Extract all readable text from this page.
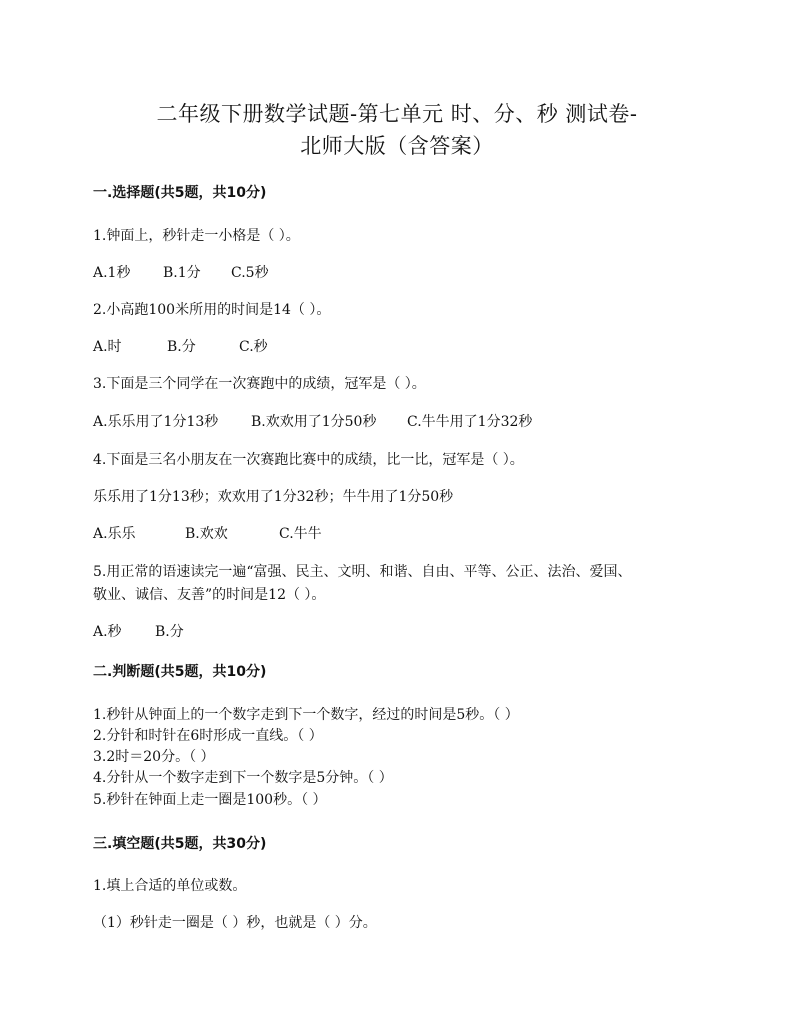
二年级下册数学试题-第七单元 时、分、秒 测试卷-
北师大版（含答案）
一.选择题(共5题，共10分)
1.钟面上，秒针走一小格是（ ）。
A.1秒 B.1分 C.5秒
2.小高跑100米所用的时间是14（ ）。
A.时	B.分	C.秒
3.下面是三个同学在一次赛跑中的成绩，冠军是（ ）。
A.乐乐用了1分13秒 B.欢欢用了1分50秒 C.牛牛用了1分32秒
4.下面是三名小朋友在一次赛跑比赛中的成绩，比一比，冠军是（ ）。
乐乐用了1分13秒；欢欢用了1分32秒；牛牛用了1分50秒
A.乐乐	B.欢欢	C.牛牛
5.用正常的语速读完一遍“富强、民主、文明、和谐、自由、平等、公正、法治、爱国、
敬业、诚信、友善”的时间是12（ ）。
A.秒 B.分
二.判断题(共5题，共10分)
1.秒针从钟面上的一个数字走到下一个数字，经过的时间是5秒。（ ）
2.分针和时针在6时形成一直线。（ ）
3.2时＝20分。（ ）
4.分针从一个数字走到下一个数字是5分钟。（ ）
5.秒针在钟面上走一圈是100秒。（ ）
三.填空题(共5题，共30分)
1.填上合适的单位或数。
（1）秒针走一圈是（ ）秒，也就是（ ）分。
